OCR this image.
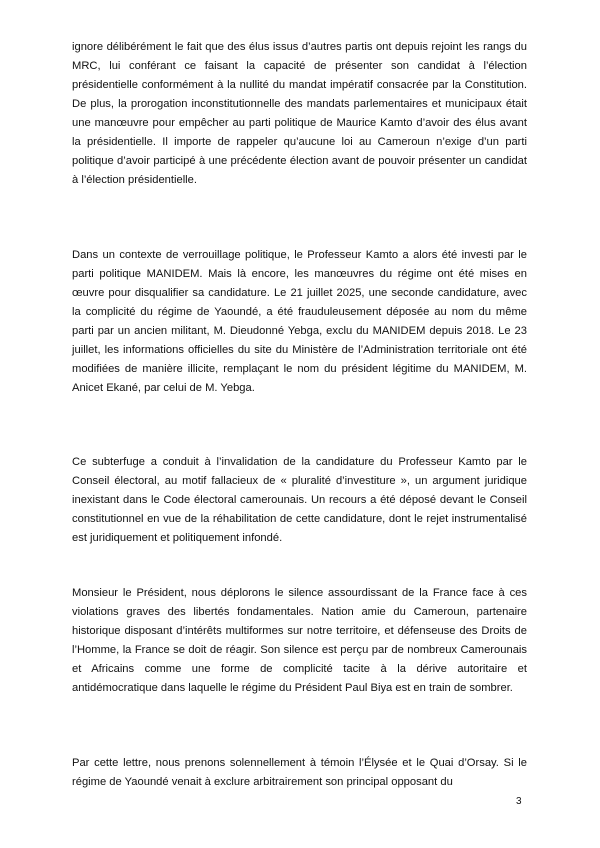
ignore délibérément le fait que des élus issus d’autres partis ont depuis rejoint les rangs du MRC, lui conférant ce faisant la capacité de présenter son candidat à l’élection présidentielle conformément à la nullité du mandat impératif consacrée par la Constitution. De plus, la prorogation inconstitutionnelle des mandats parlementaires et municipaux était une manœuvre pour empêcher au parti politique de Maurice Kamto d’avoir des élus avant la présidentielle. Il importe de rappeler qu’aucune loi au Cameroun n’exige d’un parti politique d’avoir participé à une précédente élection avant de pouvoir présenter un candidat à l’élection présidentielle.

Dans un contexte de verrouillage politique, le Professeur Kamto a alors été investi par le parti politique MANIDEM. Mais là encore, les manœuvres du régime ont été mises en œuvre pour disqualifier sa candidature. Le 21 juillet 2025, une seconde candidature, avec la complicité du régime de Yaoundé, a été frauduleusement déposée au nom du même parti par un ancien militant, M. Dieudonné Yebga, exclu du MANIDEM depuis 2018. Le 23 juillet, les informations officielles du site du Ministère de l’Administration territoriale ont été modifiées de manière illicite, remplaçant le nom du président légitime du MANIDEM, M. Anicet Ekané, par celui de M. Yebga.

Ce subterfuge a conduit à l’invalidation de la candidature du Professeur Kamto par le Conseil électoral, au motif fallacieux de « pluralité d’investiture », un argument juridique inexistant dans le Code électoral camerounais. Un recours a été déposé devant le Conseil constitutionnel en vue de la réhabilitation de cette candidature, dont le rejet instrumentalisé est juridiquement et politiquement infondé.

Monsieur le Président, nous déplorons le silence assourdissant de la France face à ces violations graves des libertés fondamentales. Nation amie du Cameroun, partenaire historique disposant d’intérêts multiformes sur notre territoire, et défenseuse des Droits de l’Homme, la France se doit de réagir. Son silence est perçu par de nombreux Camerounais et Africains comme une forme de complicité tacite à la dérive autoritaire et antidémocratique dans laquelle le régime du Président Paul Biya est en train de sombrer.

Par cette lettre, nous prenons solennellement à témoin l’Élysée et le Quai d’Orsay. Si le régime de Yaoundé venait à exclure arbitrairement son principal opposant du

3
